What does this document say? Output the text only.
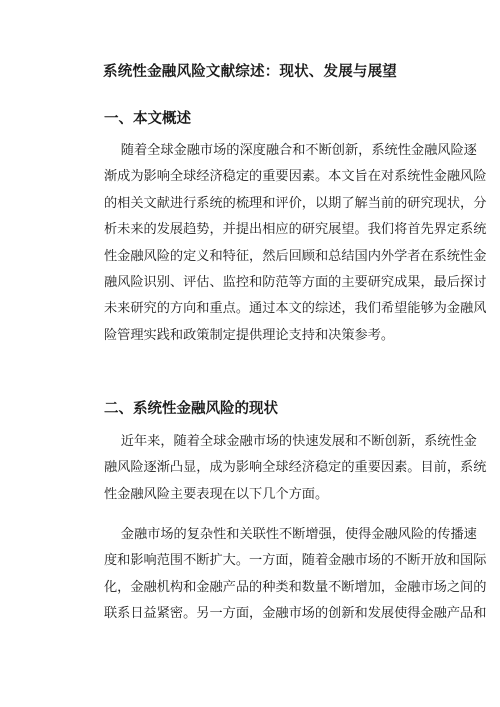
系统性金融风险文献综述：现状、发展与展望
一、本文概述
随着全球金融市场的深度融合和不断创新，系统性金融风险逐
渐成为影响全球经济稳定的重要因素。本文旨在对系统性金融风险
的相关文献进行系统的梳理和评价，以期了解当前的研究现状，分
析未来的发展趋势，并提出相应的研究展望。我们将首先界定系统
性金融风险的定义和特征，然后回顾和总结国内外学者在系统性金
融风险识别、评估、监控和防范等方面的主要研究成果，最后探讨
未来研究的方向和重点。通过本文的综述，我们希望能够为金融风
险管理实践和政策制定提供理论支持和决策参考。
二、系统性金融风险的现状
近年来，随着全球金融市场的快速发展和不断创新，系统性金
融风险逐渐凸显，成为影响全球经济稳定的重要因素。目前，系统
性金融风险主要表现在以下几个方面。
金融市场的复杂性和关联性不断增强，使得金融风险的传播速
度和影响范围不断扩大。一方面，随着金融市场的不断开放和国际
化，金融机构和金融产品的种类和数量不断增加，金融市场之间的
联系日益紧密。另一方面，金融市场的创新和发展使得金融产品和
